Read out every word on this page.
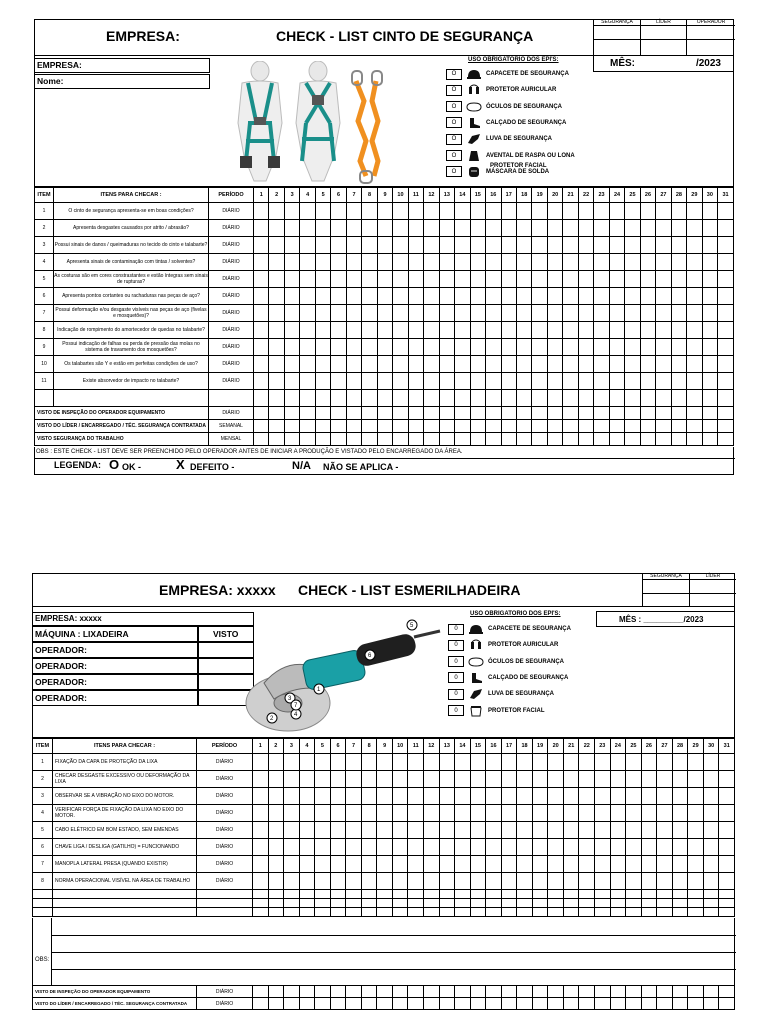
EMPRESA:	CHECK - LIST CINTO DE SEGURANÇA
SEGURANÇA	LÍDER	OPERADOR
EMPRESA:
Nome:
USO OBRIGATORIO DOS EPI'S:
O	CAPACETE DE SEGURANÇA
O	PROTETOR AURICULAR
O	ÓCULOS DE SEGURANÇA
O	CALÇADO DE SEGURANÇA
O	LUVA DE SEGURANÇA
O	AVENTAL DE RASPA OU LONA
O	MÁSCARA DE SOLDA
PROTETOR FACIAL
MÊS:	/2023
ITEM	ITENS PARA CHECAR :	PERÍODO	1	2	3	4	5	6	7	8	9	10	11	12	13	14	15	16	17	18	19	20	21	22	23	24	25	26	27	28	29	30	31
1	O cinto de segurança apresenta-se em boas condições?	DIÁRIO																															
2	Apresenta desgastes causados por atrito / abrasão?	DIÁRIO																															
3	Possui sinais de danos / queimaduras no tecido do cinto e talabarte?	DIÁRIO																															
4	Apresenta sinais de contaminação com tintas / solventes?	DIÁRIO																															
5	As costuras são em cores constrastantes e estão íntegras sem sinais de rupturas?	DIÁRIO																															
6	Apresenta pontos cortantes ou rachaduras nas peças de aço?	DIÁRIO																															
7	Possui deformação e/ou desgaste visíveis nas peças de aço (fivelas e mosquetões)?	DIÁRIO																															
8	Indicação de rompimento do amortecedor de quedas no talabarte?	DIÁRIO																															
9	Possui indicação de falhas ou perda de pressão das molas no sistema de travamento dos mosquetões?	DIÁRIO																															
10	Os talabartes são Y e estão em perfeitas condições de uso?	DIÁRIO																															
11	Existe absorvedor de impacto no talabarte?	DIÁRIO																															

VISTO DE INSPEÇÃO DO OPERADOR EQUIPAMENTO		DIÁRIO																															
VISTO DO LÍDER / ENCARREGADO / TÉC. SEGURANÇA CONTRATADA		SEMANAL																															
VISTO SEGURANÇA DO TRABALHO		MENSAL																															
OBS : ESTE CHECK - LIST DEVE SER PREENCHIDO PELO OPERADOR ANTES DE INICIAR A PRODUÇÃO E VISTADO PELO ENCARREGADO DA ÁREA.
LEGENDA: O OK -	X DEFEITO -	N/A NÃO SE APLICA -
EMPRESA: xxxxx CHECK - LIST ESMERILHADEIRA
SEGURANÇA	LÍDER
EMPRESA: xxxxx
MÁQUINA : LIXADEIRA	VISTO
OPERADOR:
OPERADOR:
OPERADOR:
OPERADOR:
1
2
3
4
5
6
7
USO OBRIGATORIO DOS EPI'S:
0	CAPACETE DE SEGURANÇA
0	PROTETOR AURICULAR
0	ÓCULOS DE SEGURANÇA
0	CALÇADO DE SEGURANÇA
0	LUVA DE SEGURANÇA
0	PROTETOR FACIAL
MÊS : _________/2023
ITEM	ITENS PARA CHECAR :	PERÍODO	1	2	3	4	5	6	7	8	9	10	11	12	13	14	15	16	17	18	19	20	21	22	23	24	25	26	27	28	29	30	31
1	FIXAÇÃO DA CAPA DE PROTEÇÃO DA LIXA	DIÁRIO																															
2	CHECAR DESGASTE EXCESSIVO OU DEFORMAÇÃO DA LIXA	DIÁRIO																															
3	OBSERVAR SE A VIBRAÇÃO NO EIXO DO MOTOR.	DIÁRIO																															
4	VERIFICAR FORÇA DE FIXAÇÃO DA LIXA NO EIXO DO MOTOR.	DIÁRIO																															
5	CABO ELÉTRICO EM BOM ESTADO, SEM EMENDAS	DIÁRIO																															
6	CHAVE LIGA / DESLIGA (GATILHO) = FUNCIONANDO	DIÁRIO																															
7	MANOPLA LATERAL PRESA (QUANDO EXISTIR)	DIÁRIO																															
8	NORMA OPERACIONAL VISÍVEL NA ÁREA DE TRABALHO	DIÁRIO																															

OBS:
VISTO DE INSPEÇÃO DO OPERADOR EQUIPAMENTO	DIÁRIO																															
VISTO DO LÍDER / ENCARREGADO / TÉC. SEGURANÇA CONTRATADA	DIÁRIO																															
